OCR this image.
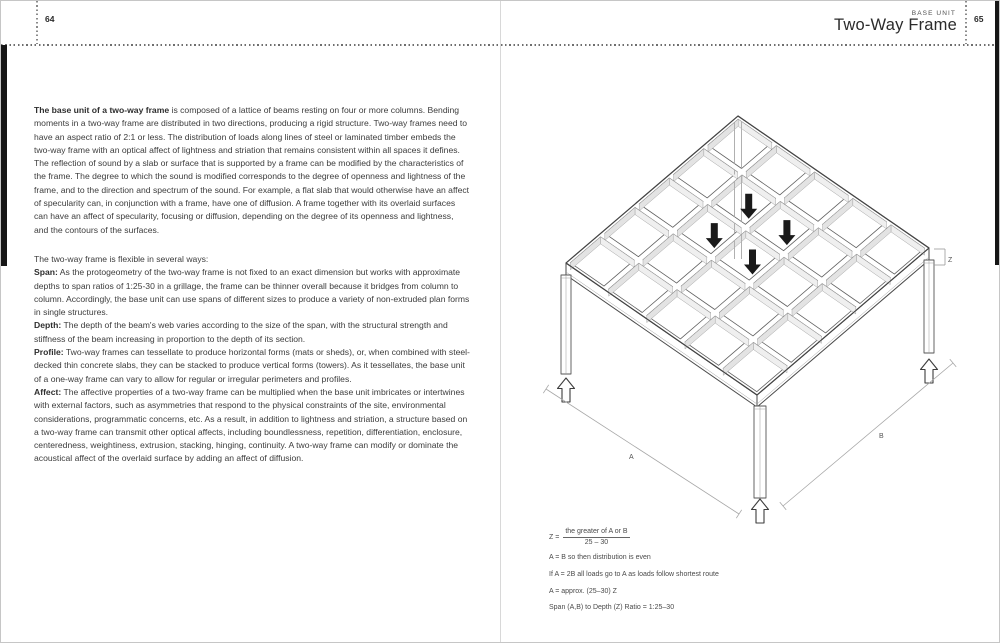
64	65
BASE UNIT
Two-Way Frame

The base unit of a two-way frame is composed of a lattice of beams resting on four or more columns. Bending moments in a two-way frame are distributed in two directions, producing a rigid structure. Two-way frames need to have an aspect ratio of 2:1 or less. The distribution of loads along lines of steel or laminated timber embeds the two-way frame with an optical affect of lightness and striation that remains consistent within all spaces it defines. The reflection of sound by a slab or surface that is supported by a frame can be modified by the characteristics of the frame. The degree to which the sound is modified corresponds to the degree of openness and lightness of the frame, and to the direction and spectrum of the sound. For example, a flat slab that would otherwise have an affect of specularity can, in conjunction with a frame, have one of diffusion. A frame together with its overlaid surfaces can have an affect of specularity, focusing or diffusion, depending on the degree of its openness and lightness, and the contours of the surfaces.

The two-way frame is flexible in several ways:

Span: As the protogeometry of the two-way frame is not fixed to an exact dimension but works with approximate depths to span ratios of 1:25-30 in a grillage, the frame can be thinner overall because it bridges from column to column. Accordingly, the base unit can use spans of different sizes to produce a variety of non-extruded plan forms in single structures.

Depth: The depth of the beam's web varies according to the size of the span, with the structural strength and stiffness of the beam increasing in proportion to the depth of its section.

Profile: Two-way frames can tessellate to produce horizontal forms (mats or sheds), or, when combined with steel-decked thin concrete slabs, they can be stacked to produce vertical forms (towers). As it tessellates, the base unit of a one-way frame can vary to allow for regular or irregular perimeters and profiles.

Affect: The affective properties of a two-way frame can be multiplied when the base unit imbricates or intertwines with external factors, such as asymmetries that respond to the physical constraints of the site, environmental considerations, programmatic concerns, etc. As a result, in addition to lightness and striation, a structure based on a two-way frame can transmit other optical affects, including boundlessness, repetition, differentiation, enclosure, centeredness, weightiness, extrusion, stacking, hinging, continuity. A two-way frame can modify or dominate the acoustical affect of the overlaid surface by adding an affect of diffusion.	A
B
Z
$Z = \frac{\text{the greater of A or B}}{25 - 30}$
A = B so then distribution is even
If A = 2B all loads go to A as loads follow shortest route
A = approx. (25–30) Z
Span (A,B) to Depth (Z) Ratio = 1:25–30
